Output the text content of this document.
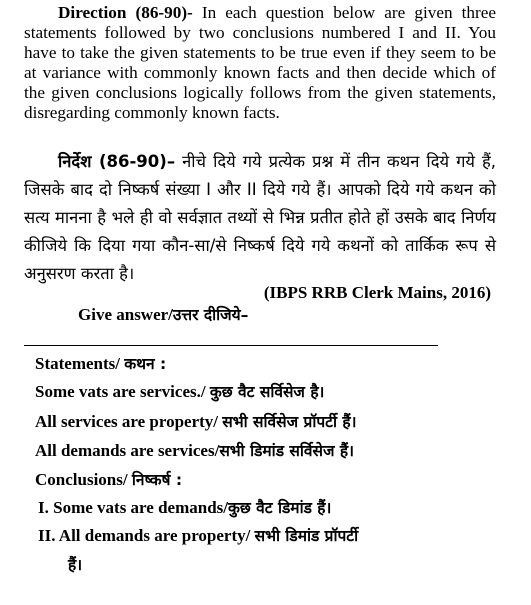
Direction (86-90)- In each question below are given three statements followed by two conclusions numbered I and II. You have to take the given statements to be true even if they seem to be at variance with commonly known facts and then decide which of the given conclusions logically follows from the given statements, disregarding commonly known facts.
निर्देश (86-90)– नीचे दिये गये प्रत्येक प्रश्न में तीन कथन दिये गये हैं, जिसके बाद दो निष्कर्ष संख्या I और II दिये गये हैं। आपको दिये गये कथन को सत्य मानना है भले ही वो सर्वज्ञात तथ्यों से भिन्न प्रतीत होते हों उसके बाद निर्णय कीजिये कि दिया गया कौन-सा/से निष्कर्ष दिये गये कथनों को तार्किक रूप से अनुसरण करता है।
(IBPS RRB Clerk Mains, 2016)
Give answer/उत्तर दीजिये–
Statements/ कथन :
Some vats are services./ कुछ वैट सर्विसेज है।
All services are property/ सभी सर्विसेज प्रॉपर्टी हैं।
All demands are services/सभी डिमांड सर्विसेज हैं।
Conclusions/ निष्कर्ष :
I. Some vats are demands/कुछ वैट डिमांड हैं।
II. All demands are property/ सभी डिमांड प्रॉपर्टी
हैं।
